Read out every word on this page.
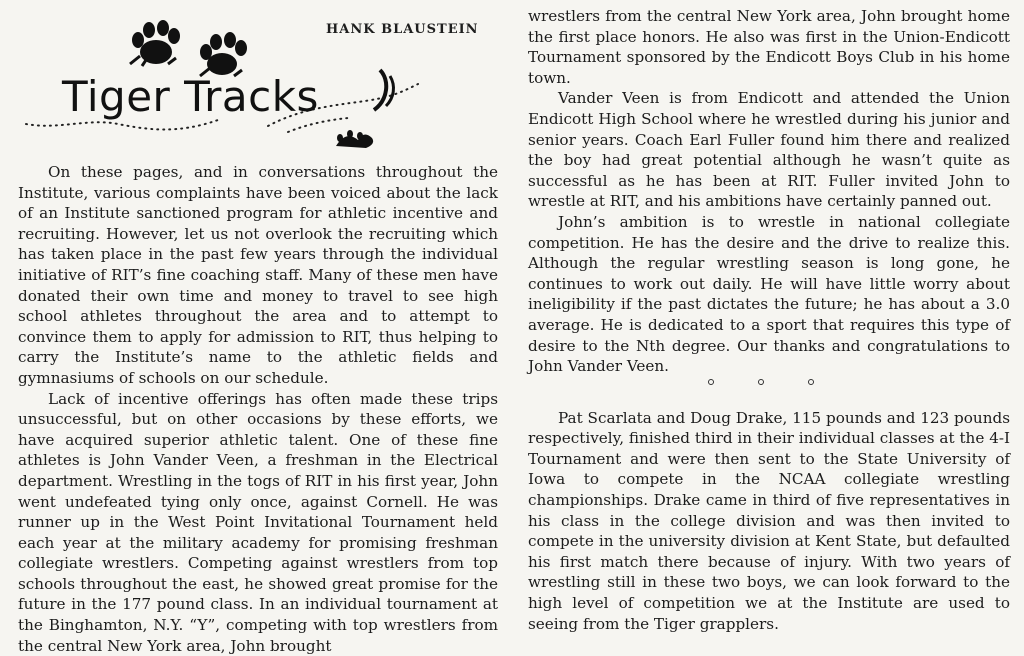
Tiger Tracks
HANK BLAUSTEIN

On these pages, and in conversations throughout the Institute, various complaints have been voiced about the lack of an Institute sanctioned program for athletic incentive and recruiting. However, let us not overlook the recruiting which has taken place in the past few years through the individual initiative of RIT’s fine coaching staff. Many of these men have donated their own time and money to travel to see high school athletes throughout the area and to attempt to convince them to apply for admission to RIT, thus helping to carry the Institute’s name to the athletic fields and gymnasiums of schools on our schedule.

Lack of incentive offerings has often made these trips unsuccessful, but on other occasions by these efforts, we have acquired superior athletic talent. One of these fine athletes is John Vander Veen, a freshman in the Electrical department. Wrestling in the togs of RIT in his first year, John went undefeated tying only once, against Cornell. He was runner up in the West Point Invitational Tournament held each year at the military academy for promising freshman collegiate wrestlers. Competing against wrestlers from top schools throughout the east, he showed great promise for the future in the 177 pound class. In an individual tournament at the Binghamton, N.Y. “Y”, competing with top wrestlers from the central New York area, John brought

wrestlers from the central New York area, John brought home the first place honors. He also was first in the Union-Endicott Tournament sponsored by the Endicott Boys Club in his home town.

Vander Veen is from Endicott and attended the Union Endicott High School where he wrestled during his junior and senior years. Coach Earl Fuller found him there and realized the boy had great potential although he wasn’t quite as successful as he has been at RIT. Fuller invited John to wrestle at RIT, and his ambitions have certainly panned out.

John’s ambition is to wrestle in national collegiate competition. He has the desire and the drive to realize this. Although the regular wrestling season is long gone, he continues to work out daily. He will have little worry about ineligibility if the past dictates the future; he has about a 3.0 average. He is dedicated to a sport that requires this type of desire to the Nth degree. Our thanks and congratulations to John Vander Veen.

Pat Scarlata and Doug Drake, 115 pounds and 123 pounds respectively, finished third in their individual classes at the 4-I Tournament and were then sent to the State University of Iowa to compete in the NCAA collegiate wrestling championships. Drake came in third of five representatives in his class in the college division and was then invited to compete in the university division at Kent State, but defaulted his first match there because of injury. With two years of wrestling still in these two boys, we can look forward to the high level of competition we at the Institute are used to seeing from the Tiger grapplers.
